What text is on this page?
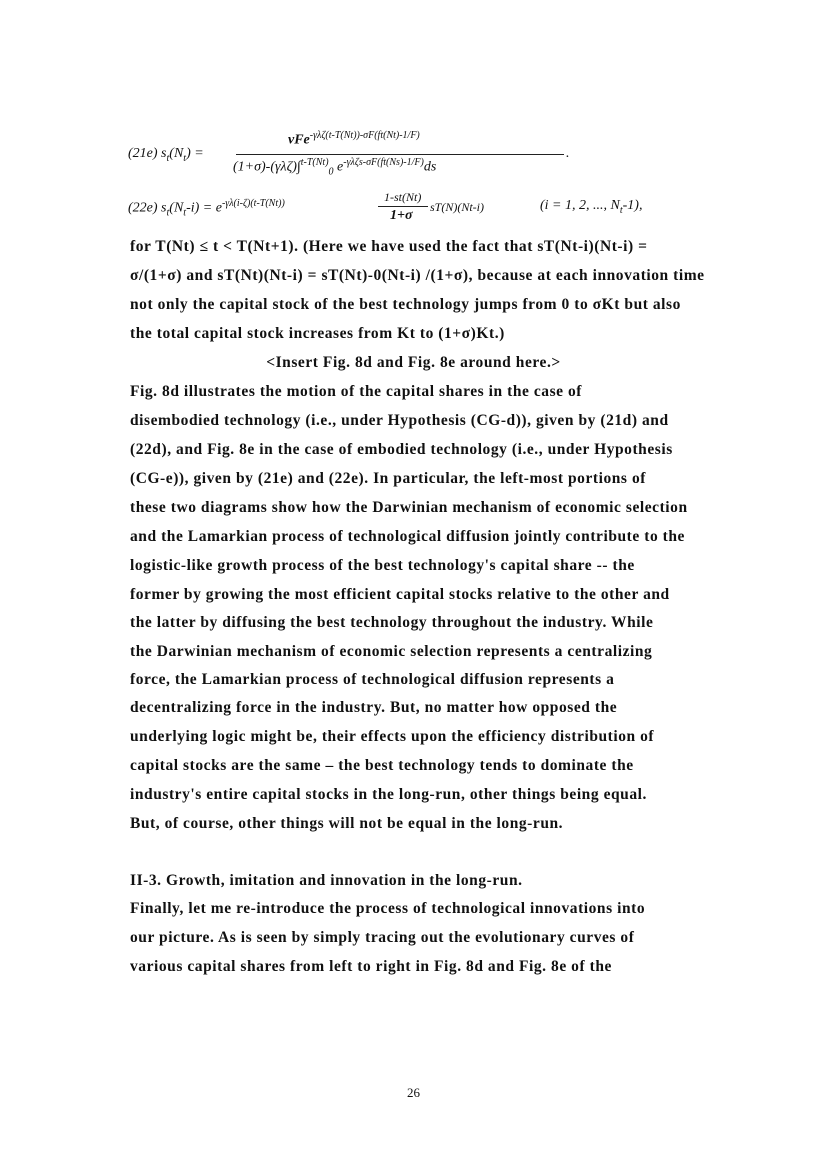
(21e) $s_t(N_t)$ =
vFe$^{-\gamma\lambda\zeta(t-T(Nt))-\sigma F(ft(Nt)-1/F)}$
(1+σ)-(γλζ)∫$^{t-T(Nt)}_0$ $e^{-\gamma\lambda\zeta s-\sigma F(ft(Ns)-1/F)}ds$
.
(22e) $s_t(N_t-i) = e^{-\gamma\lambda(i-\zeta)(t-T(Nt))}$	1-st(Nt)
1+σ
sT(N)(Nt-i)	(i = 1, 2, ..., $N_t-1$),
for T(Nt) ≤ t < T(Nt+1). (Here we have used the fact that sT(Nt-i)(Nt-i) =
σ/(1+σ) and sT(Nt)(Nt-i) = sT(Nt)-0(Nt-i) /(1+σ), because at each innovation time
not only the capital stock of the best technology jumps from 0 to σKt but also
the total capital stock increases from Kt to (1+σ)Kt.)
<Insert Fig. 8d and Fig. 8e around here.>
Fig. 8d illustrates the motion of the capital shares in the case of
disembodied technology (i.e., under Hypothesis (CG-d)), given by (21d) and
(22d), and Fig. 8e in the case of embodied technology (i.e., under Hypothesis
(CG-e)), given by (21e) and (22e). In particular, the left-most portions of
these two diagrams show how the Darwinian mechanism of economic selection
and the Lamarkian process of technological diffusion jointly contribute to the
logistic-like growth process of the best technology's capital share -- the
former by growing the most efficient capital stocks relative to the other and
the latter by diffusing the best technology throughout the industry. While
the Darwinian mechanism of economic selection represents a centralizing
force, the Lamarkian process of technological diffusion represents a
decentralizing force in the industry. But, no matter how opposed the
underlying logic might be, their effects upon the efficiency distribution of
capital stocks are the same – the best technology tends to dominate the
industry's entire capital stocks in the long-run, other things being equal.
But, of course, other things will not be equal in the long-run.
II-3. Growth, imitation and innovation in the long-run.
Finally, let me re-introduce the process of technological innovations into
our picture. As is seen by simply tracing out the evolutionary curves of
various capital shares from left to right in Fig. 8d and Fig. 8e of the
26
